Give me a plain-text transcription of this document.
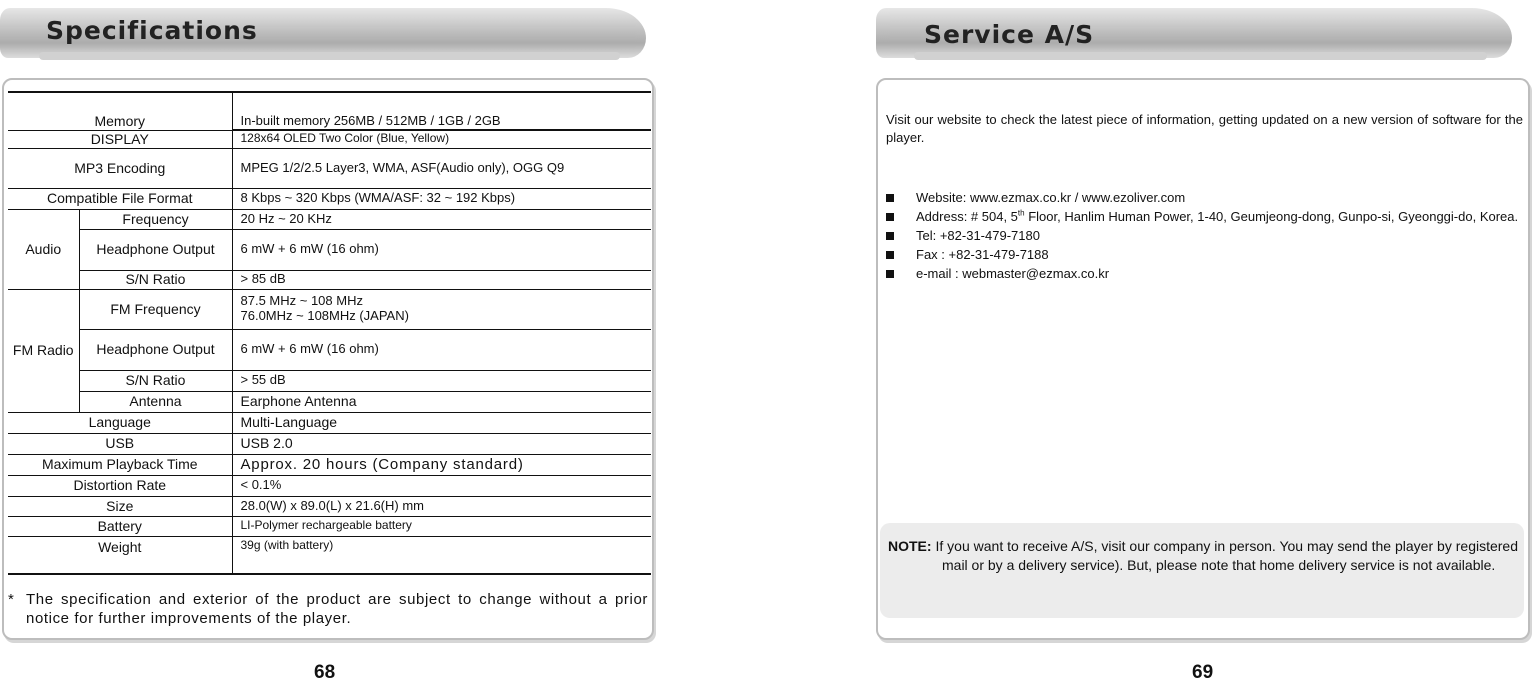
Specifications
Memory		In-built memory 256MB / 512MB / 1GB / 2GB
DISPLAY		128x64 OLED Two Color (Blue, Yellow)
MP3 Encoding		MPEG 1/2/2.5 Layer3, WMA, ASF(Audio only), OGG Q9
Compatible File Format		8 Kbps ~ 320 Kbps (WMA/ASF: 32 ~ 192 Kbps)
Audio	Frequency	20 Hz ~ 20 KHz
	Headphone Output	6 mW + 6 mW (16 ohm)
	S/N Ratio	> 85 dB
FM Radio	FM Frequency	87.5 MHz ~ 108 MHz
76.0MHz ~ 108MHz (JAPAN)

	Headphone Output	6 mW + 6 mW (16 ohm)
	S/N Ratio	> 55 dB
	Antenna	Earphone Antenna
Language		Multi-Language
USB		USB 2.0
Maximum Playback Time		Approx. 20 hours (Company standard)
Distortion Rate		< 0.1%
Size		28.0(W) x 89.0(L) x 21.6(H) mm
Battery		LI-Polymer rechargeable battery
Weight		39g (with battery)
* The specification and exterior of the product are subject to change without a prior notice for further improvements of the player.
68
Service A/S
Visit our website to check the latest piece of information, getting updated on a new version of software for the player.
Website: www.ezmax.co.kr / www.ezoliver.com
Address: # 504, 5th Floor, Hanlim Human Power, 1-40, Geumjeong-dong, Gunpo-si, Gyeonggi-do, Korea.
Tel: +82-31-479-7180
Fax : +82-31-479-7188
e-mail : webmaster@ezmax.co.kr
NOTE: If you want to receive A/S, visit our company in person. You may send the player by registered mail or by a delivery service). But, please note that home delivery service is not available.
69
